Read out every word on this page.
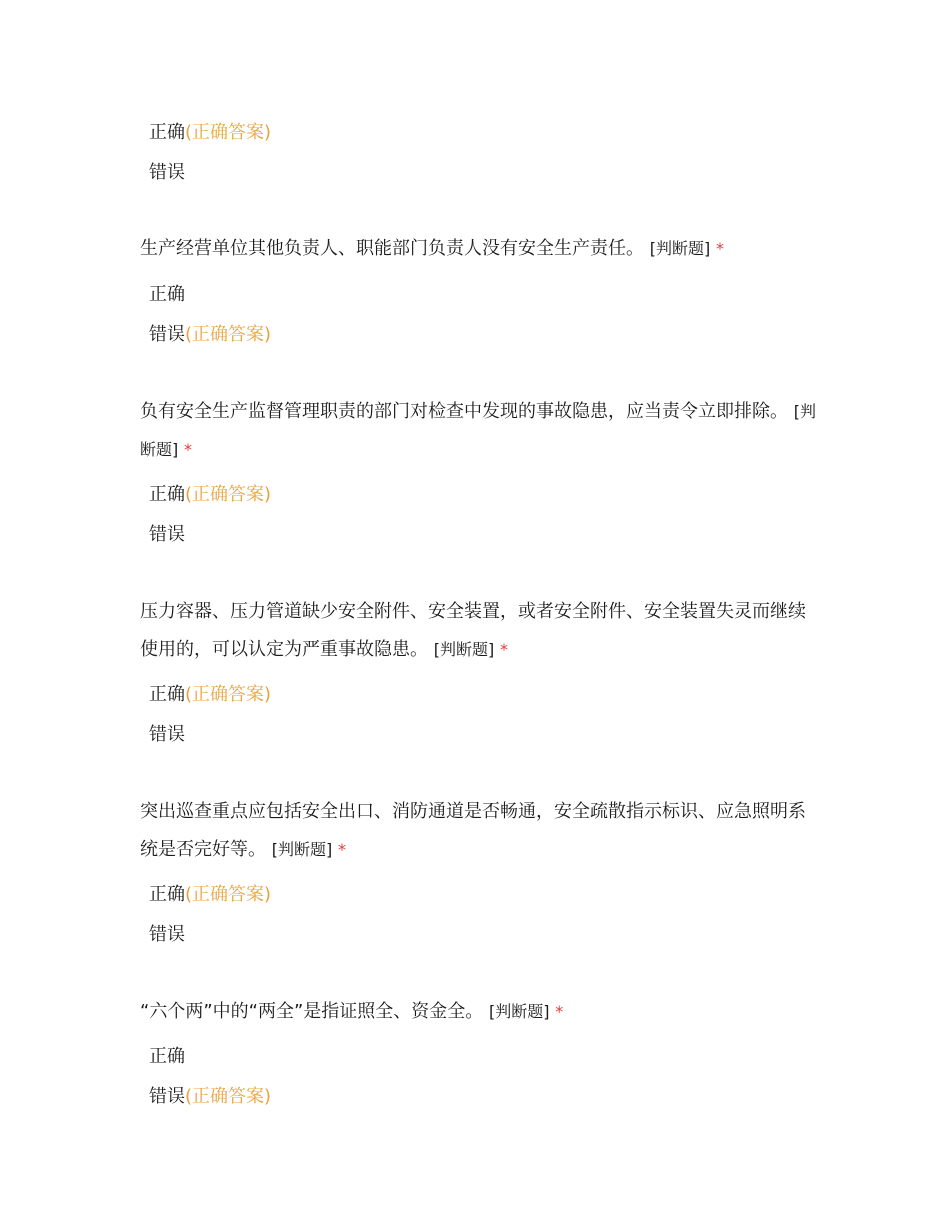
正确(正确答案)
错误
生产经营单位其他负责人、职能部门负责人没有安全生产责任。 [判断题] *
正确
错误(正确答案)
负有安全生产监督管理职责的部门对检查中发现的事故隐患，应当责令立即排除。 [判断题] *
正确(正确答案)
错误
压力容器、压力管道缺少安全附件、安全装置，或者安全附件、安全装置失灵而继续使用的，可以认定为严重事故隐患。 [判断题] *
正确(正确答案)
错误
突出巡查重点应包括安全出口、消防通道是否畅通，安全疏散指示标识、应急照明系统是否完好等。 [判断题] *
正确(正确答案)
错误
“六个两”中的“两全”是指证照全、资金全。 [判断题] *
正确
错误(正确答案)
